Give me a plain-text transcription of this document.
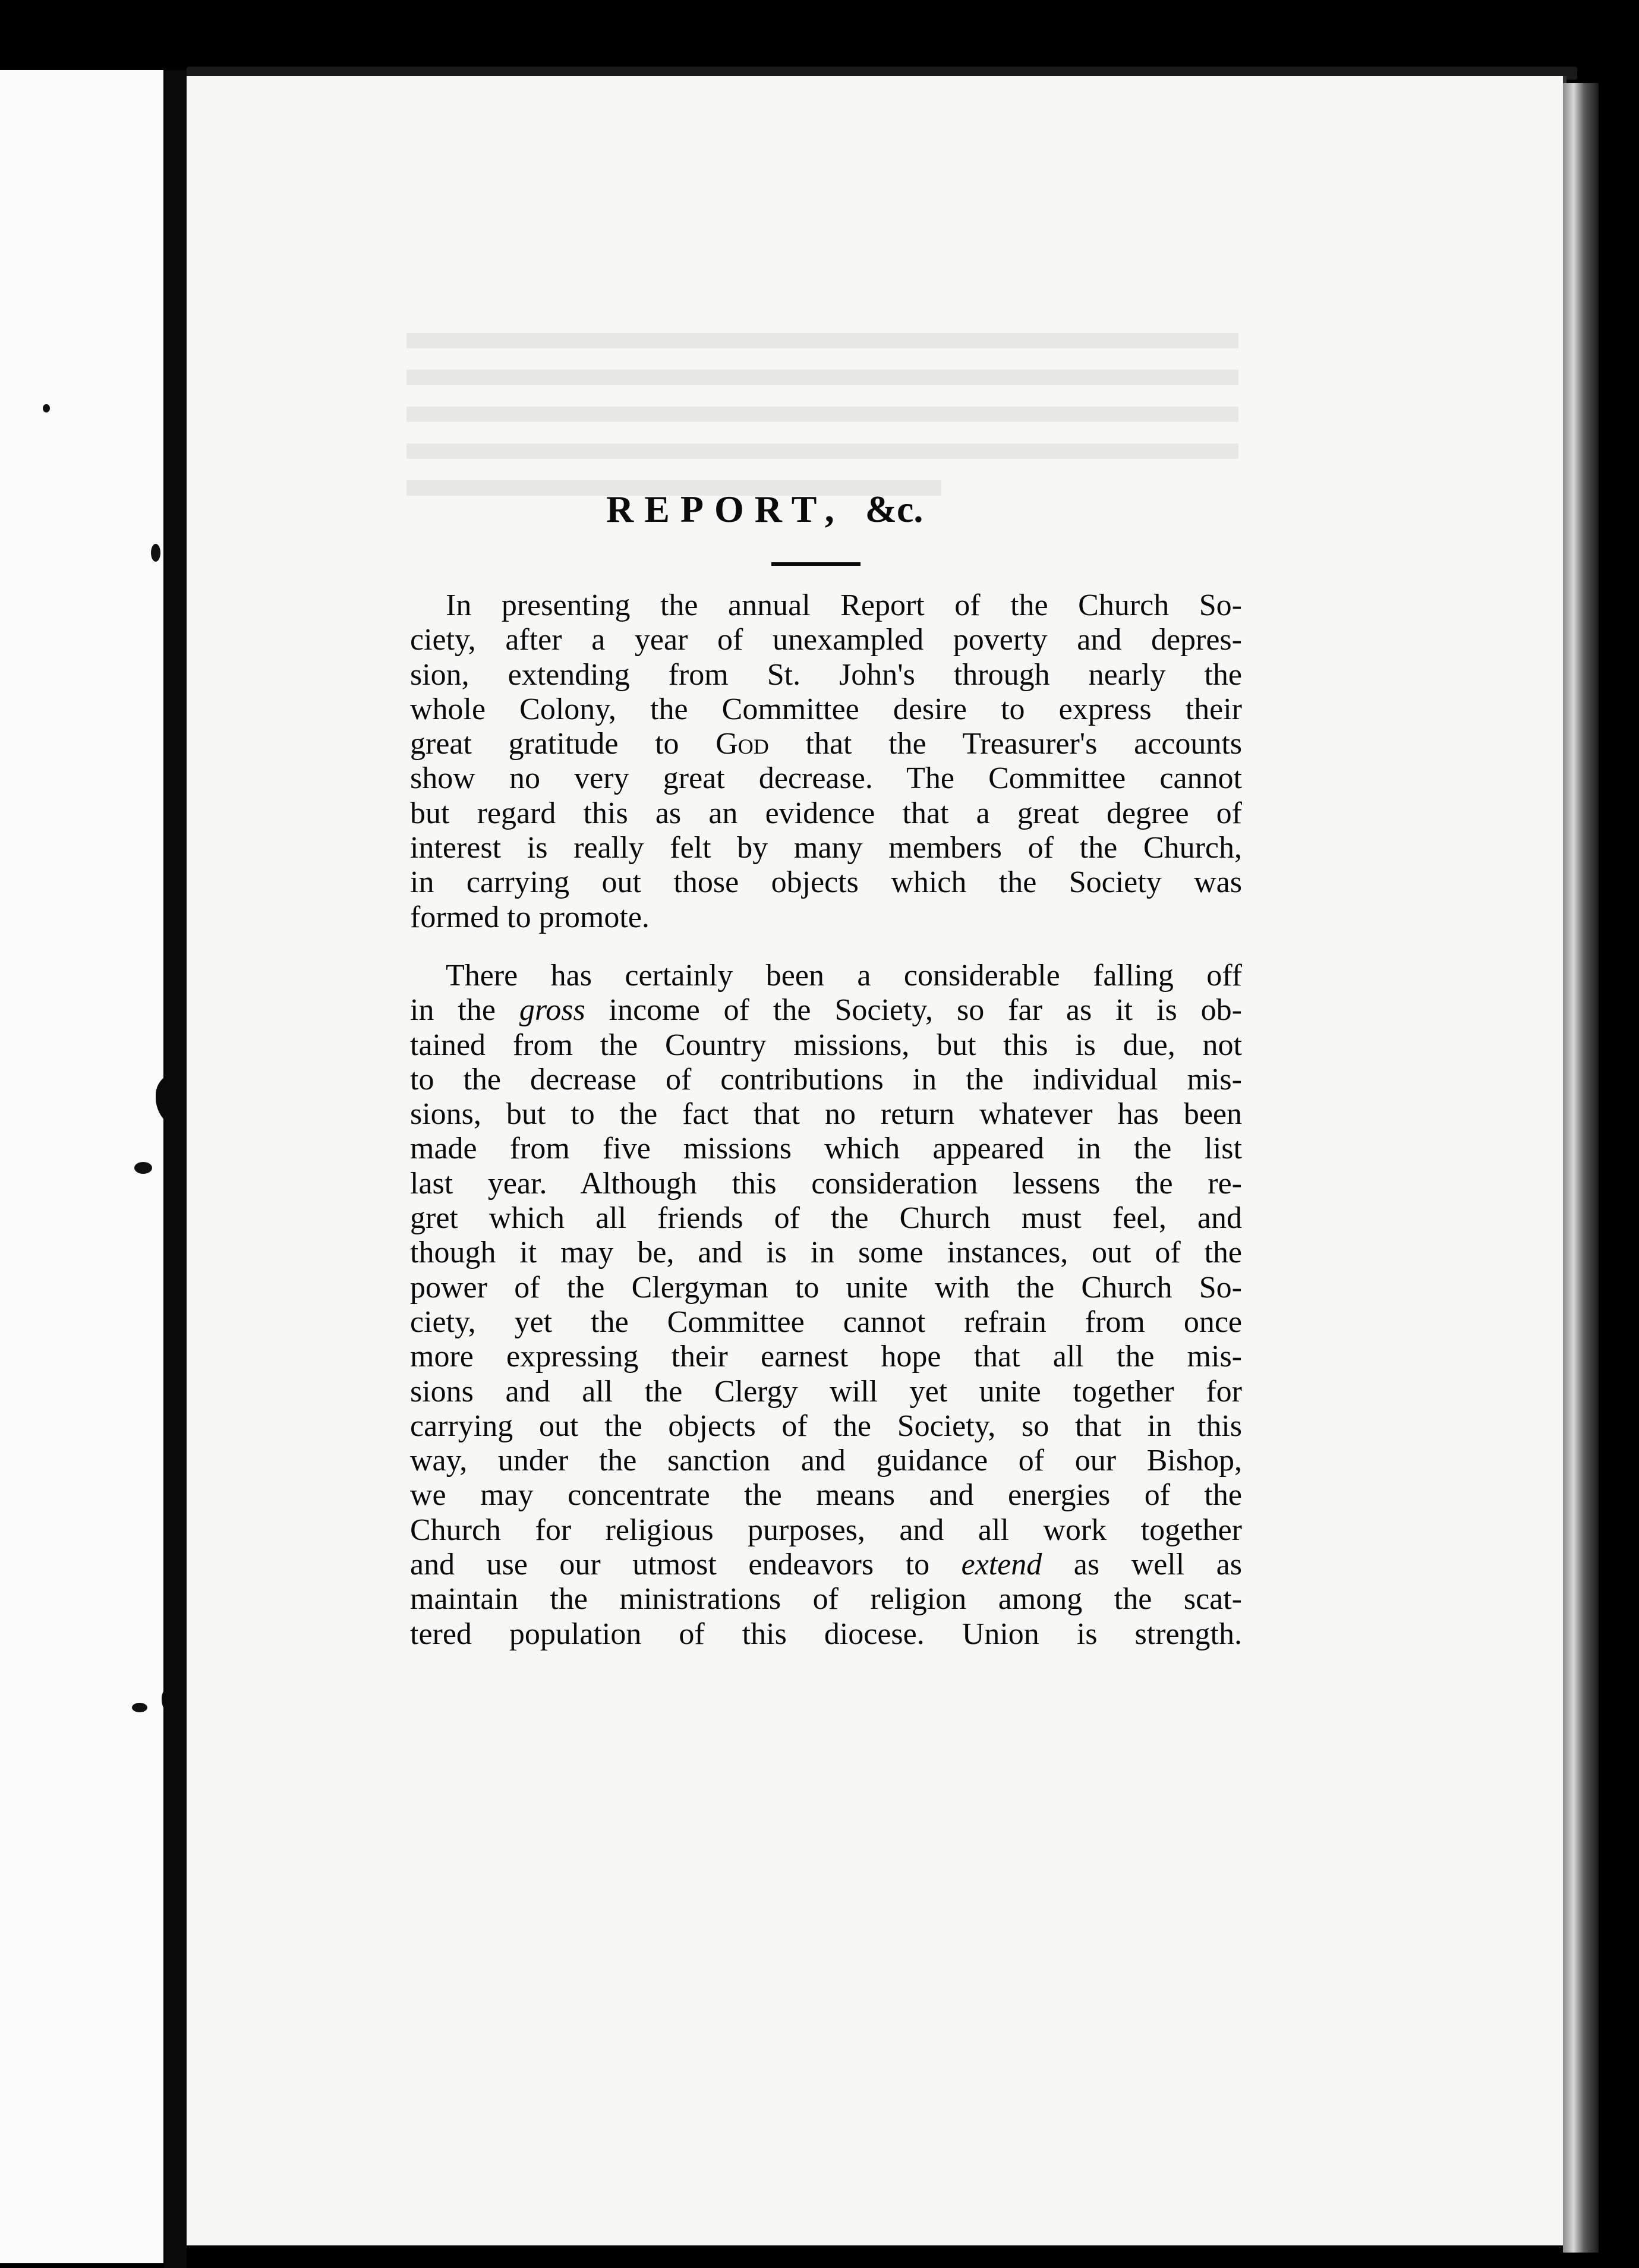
REPORT, &c.
In presenting the annual Report of the Church So-
ciety, after a year of unexampled poverty and depres-
sion, extending from St. John's through nearly the
whole Colony, the Committee desire to express their
great gratitude to God that the Treasurer's accounts
show no very great decrease. The Committee cannot
but regard this as an evidence that a great degree of
interest is really felt by many members of the Church,
in carrying out those objects which the Society was
formed to promote.
There has certainly been a considerable falling off
in the gross income of the Society, so far as it is ob-
tained from the Country missions, but this is due, not
to the decrease of contributions in the individual mis-
sions, but to the fact that no return whatever has been
made from five missions which appeared in the list
last year. Although this consideration lessens the re-
gret which all friends of the Church must feel, and
though it may be, and is in some instances, out of the
power of the Clergyman to unite with the Church So-
ciety, yet the Committee cannot refrain from once
more expressing their earnest hope that all the mis-
sions and all the Clergy will yet unite together for
carrying out the objects of the Society, so that in this
way, under the sanction and guidance of our Bishop,
we may concentrate the means and energies of the
Church for religious purposes, and all work together
and use our utmost endeavors to extend as well as
maintain the ministrations of religion among the scat-
tered population of this diocese. Union is strength.
